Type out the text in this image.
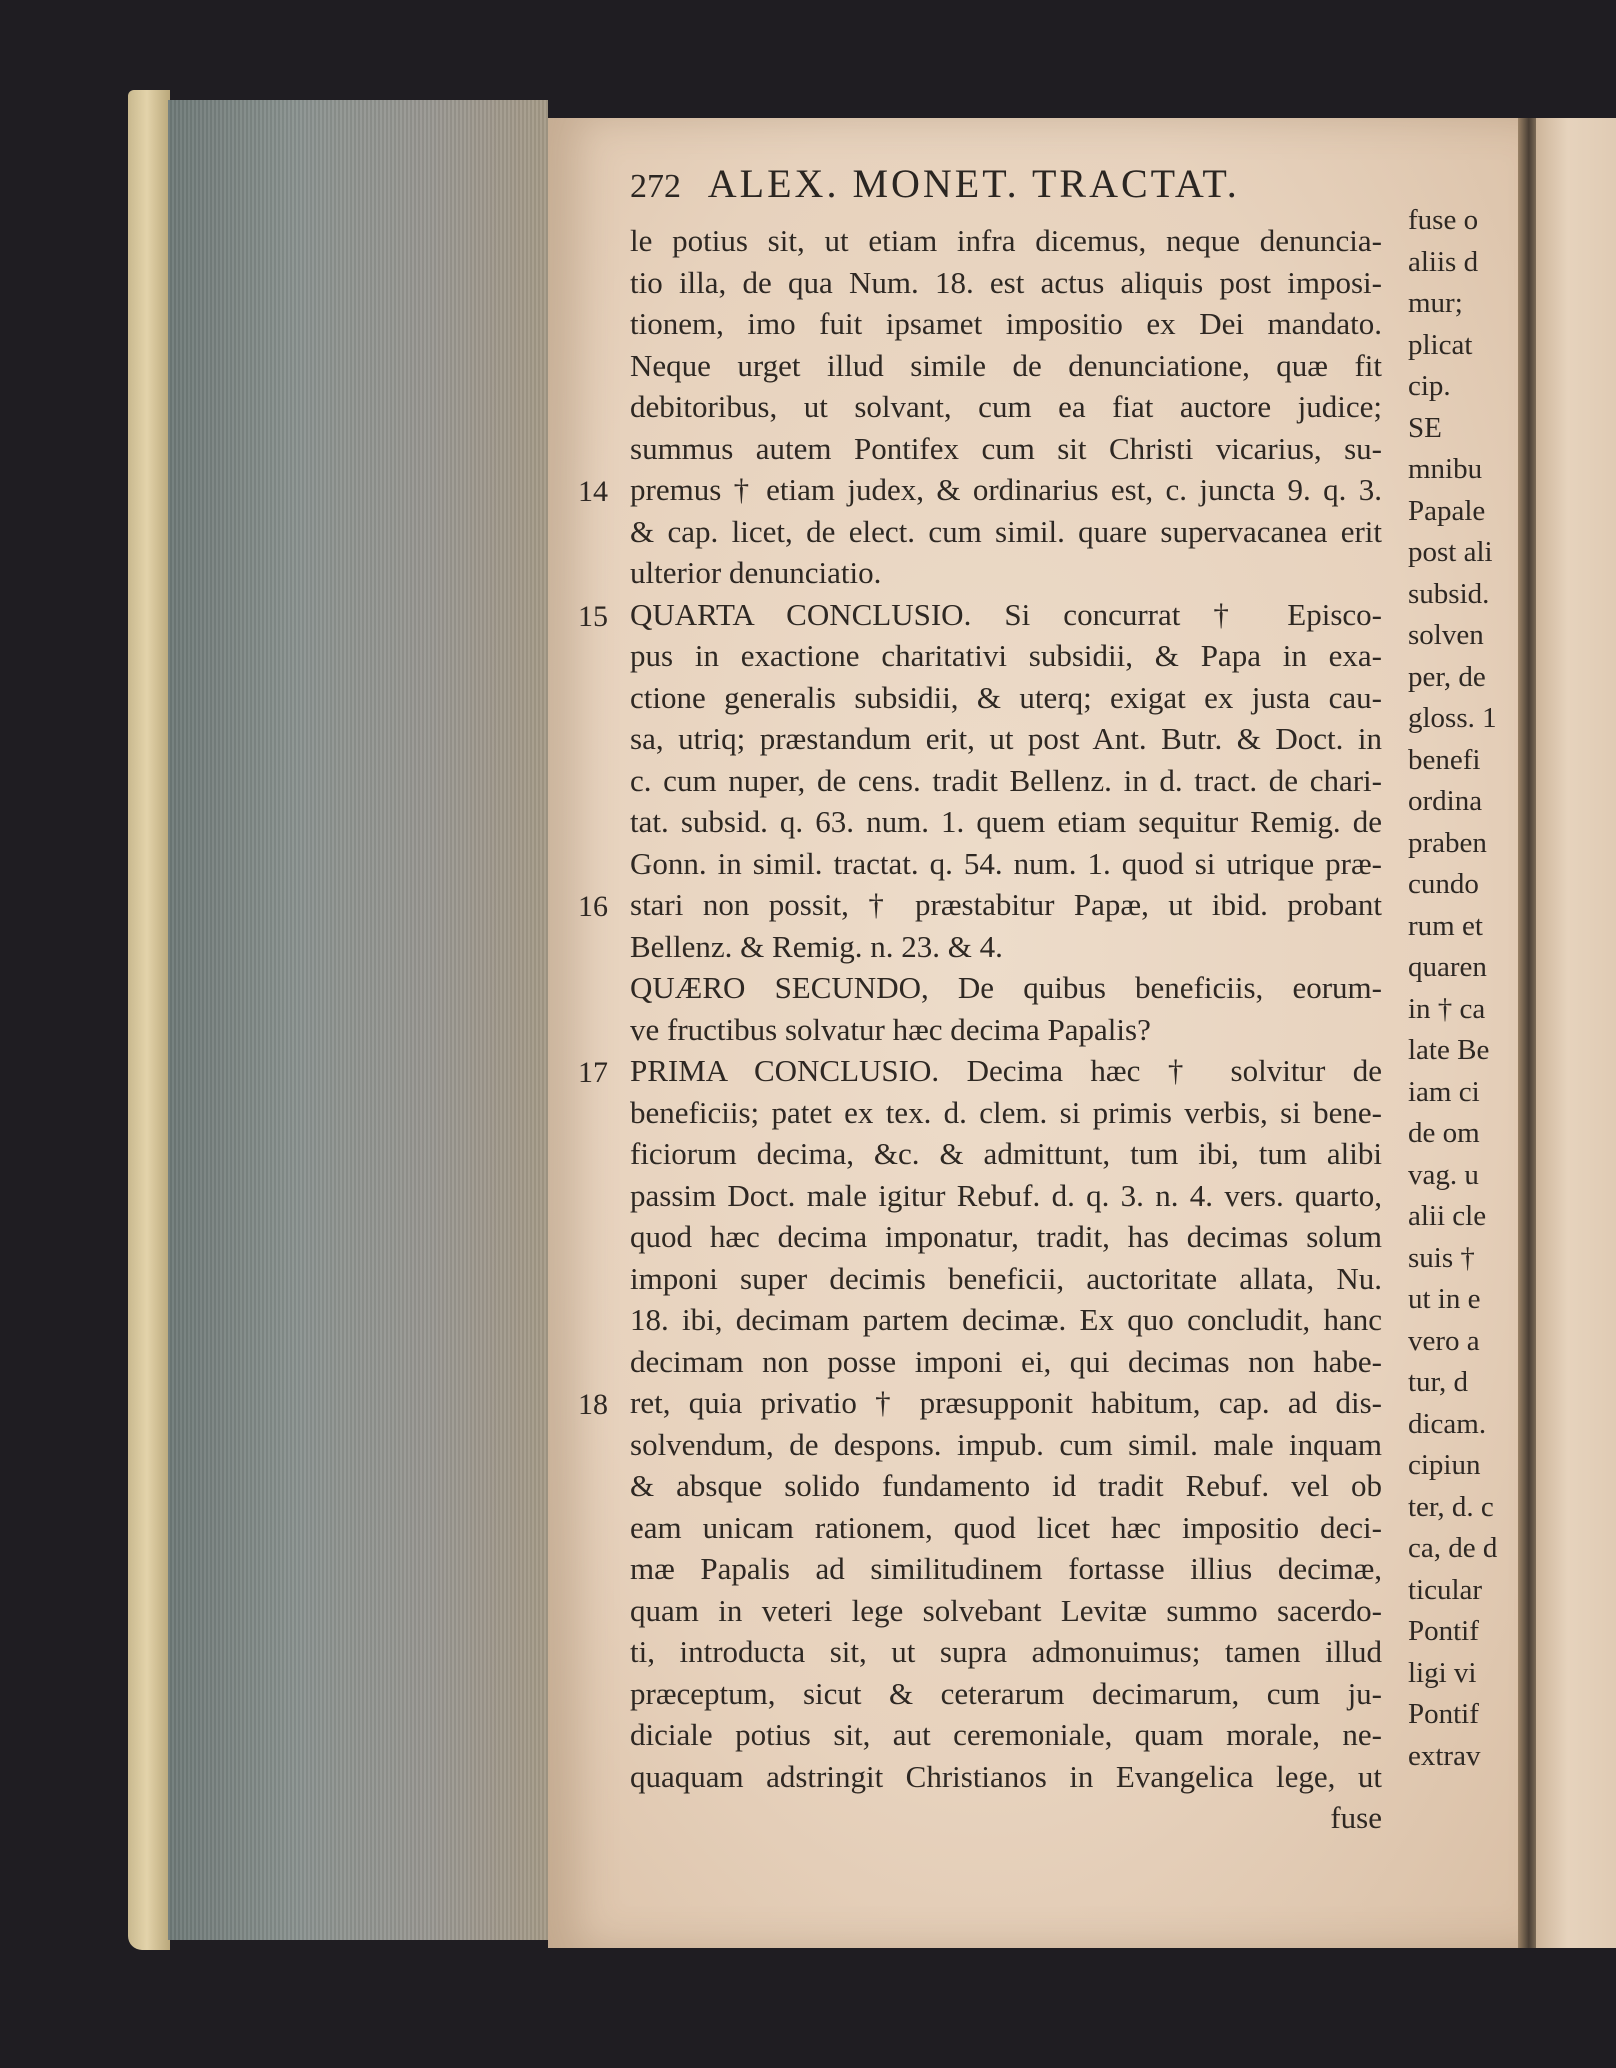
272 ALEX. MONET. TRACTAT.
14
15
16
17
18
le potius sit, ut etiam infra dicemus, neque denuncia-
tio illa, de qua Num. 18. est actus aliquis post imposi-
tionem, imo fuit ipsamet impositio ex Dei mandato.
Neque urget illud simile de denunciatione, quæ fit
debitoribus, ut solvant, cum ea fiat auctore judice;
summus autem Pontifex cum sit Christi vicarius, su-
premus † etiam judex, & ordinarius est, c. juncta 9. q. 3.
& cap. licet, de elect. cum simil. quare supervacanea erit
ulterior denunciatio.
QUARTA CONCLUSIO. Si concurrat † Episco-
pus in exactione charitativi subsidii, & Papa in exa-
ctione generalis subsidii, & uterq; exigat ex justa cau-
sa, utriq; præstandum erit, ut post Ant. Butr. & Doct. in
c. cum nuper, de cens. tradit Bellenz. in d. tract. de chari-
tat. subsid. q. 63. num. 1. quem etiam sequitur Remig. de
Gonn. in simil. tractat. q. 54. num. 1. quod si utrique præ-
stari non possit, † præstabitur Papæ, ut ibid. probant
Bellenz. & Remig. n. 23. & 4.
QUÆRO SECUNDO, De quibus beneficiis, eorum-
ve fructibus solvatur hæc decima Papalis?
PRIMA CONCLUSIO. Decima hæc † solvitur de
beneficiis; patet ex tex. d. clem. si primis verbis, si bene-
ficiorum decima, &c. & admittunt, tum ibi, tum alibi
passim Doct. male igitur Rebuf. d. q. 3. n. 4. vers. quarto,
quod hæc decima imponatur, tradit, has decimas solum
imponi super decimis beneficii, auctoritate allata, Nu.
18. ibi, decimam partem decimæ. Ex quo concludit, hanc
decimam non posse imponi ei, qui decimas non habe-
ret, quia privatio † præsupponit habitum, cap. ad dis-
solvendum, de despons. impub. cum simil. male inquam
& absque solido fundamento id tradit Rebuf. vel ob
eam unicam rationem, quod licet hæc impositio deci-
mæ Papalis ad similitudinem fortasse illius decimæ,
quam in veteri lege solvebant Levitæ summo sacerdo-
ti, introducta sit, ut supra admonuimus; tamen illud
præceptum, sicut & ceterarum decimarum, cum ju-
diciale potius sit, aut ceremoniale, quam morale, ne-
quaquam adstringit Christianos in Evangelica lege, ut
fuse
fuse o
aliis d
mur;
plicat
cip.
SE
mnibu
Papale
post ali
subsid.
solven
per, de
gloss. 1
benefi
ordina
praben
cundo
rum et
quaren
in † ca
late Be
iam ci
de om
vag. u
alii cle
suis †
ut in e
vero a
tur, d
dicam.
cipiun
ter, d. c
ca, de d
ticular
Pontif
ligi vi
Pontif
extrav
